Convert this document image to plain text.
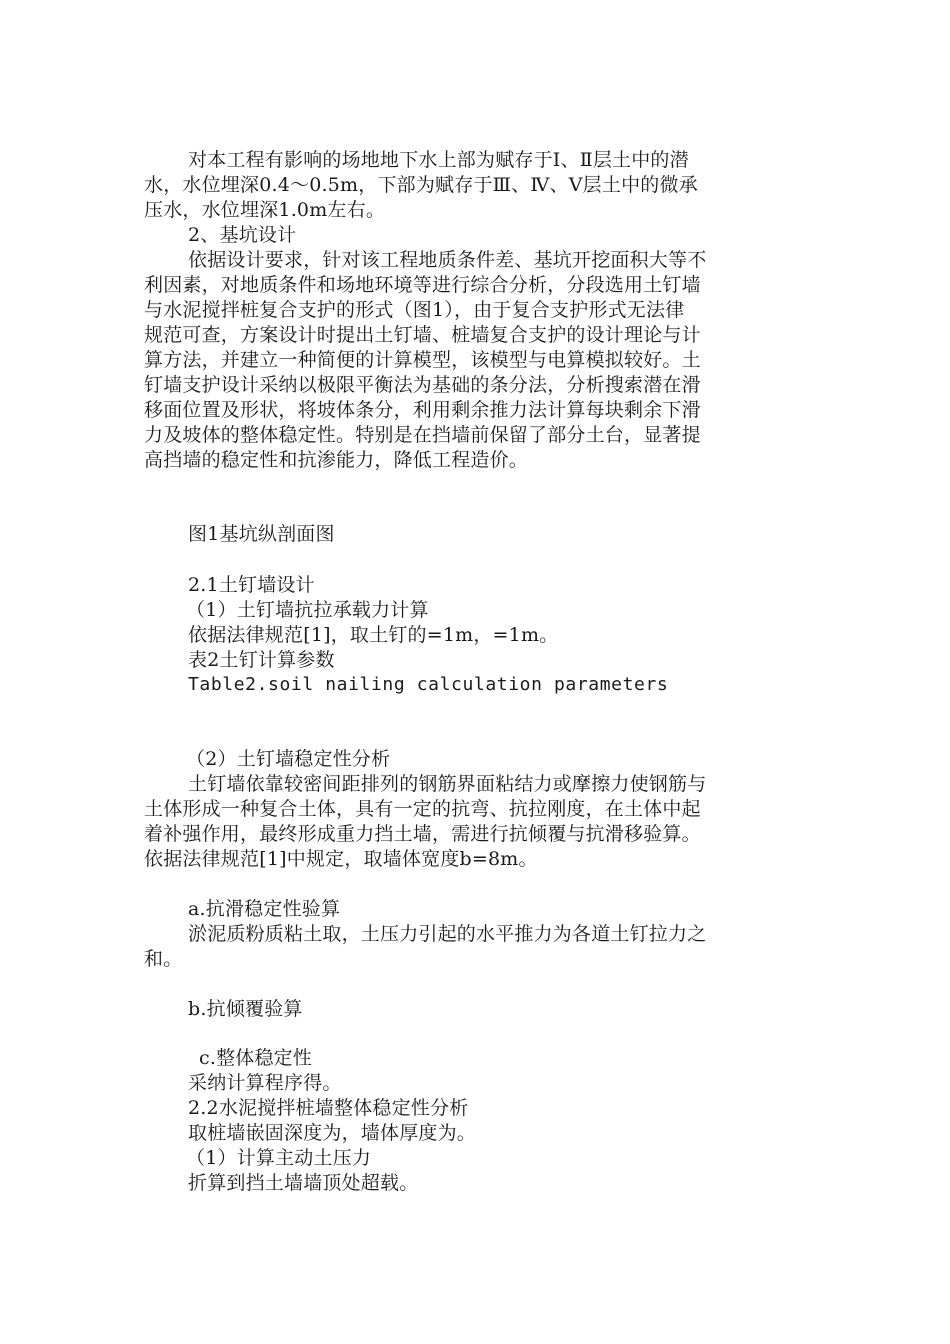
对本工程有影响的场地地下水上部为赋存于Ⅰ、Ⅱ层土中的潜
水，水位埋深0.4～0.5m，下部为赋存于Ⅲ、Ⅳ、Ⅴ层土中的微承
压水，水位埋深1.0m左右。
2、基坑设计
依据设计要求，针对该工程地质条件差、基坑开挖面积大等不
利因素，对地质条件和场地环境等进行综合分析，分段选用土钉墙
与水泥搅拌桩复合支护的形式（图1），由于复合支护形式无法律
规范可查，方案设计时提出土钉墙、桩墙复合支护的设计理论与计
算方法，并建立一种简便的计算模型，该模型与电算模拟较好。土
钉墙支护设计采纳以极限平衡法为基础的条分法，分析搜索潜在滑
移面位置及形状，将坡体条分，利用剩余推力法计算每块剩余下滑
力及坡体的整体稳定性。特别是在挡墙前保留了部分土台，显著提
高挡墙的稳定性和抗渗能力，降低工程造价。
图1基坑纵剖面图
2.1土钉墙设计
（1）土钉墙抗拉承载力计算
依据法律规范[1]，取土钉的=1m，=1m。
表2土钉计算参数
Table2.soil nailing calculation parameters
（2）土钉墙稳定性分析
土钉墙依靠较密间距排列的钢筋界面粘结力或摩擦力使钢筋与
土体形成一种复合土体，具有一定的抗弯、抗拉刚度，在土体中起
着补强作用，最终形成重力挡土墙，需进行抗倾覆与抗滑移验算。
依据法律规范[1]中规定，取墙体宽度b=8m。
a.抗滑稳定性验算
淤泥质粉质粘土取，土压力引起的水平推力为各道土钉拉力之
和。
b.抗倾覆验算
c.整体稳定性
采纳计算程序得。
2.2水泥搅拌桩墙整体稳定性分析
取桩墙嵌固深度为，墙体厚度为。
（1）计算主动土压力
折算到挡土墙墙顶处超载。
